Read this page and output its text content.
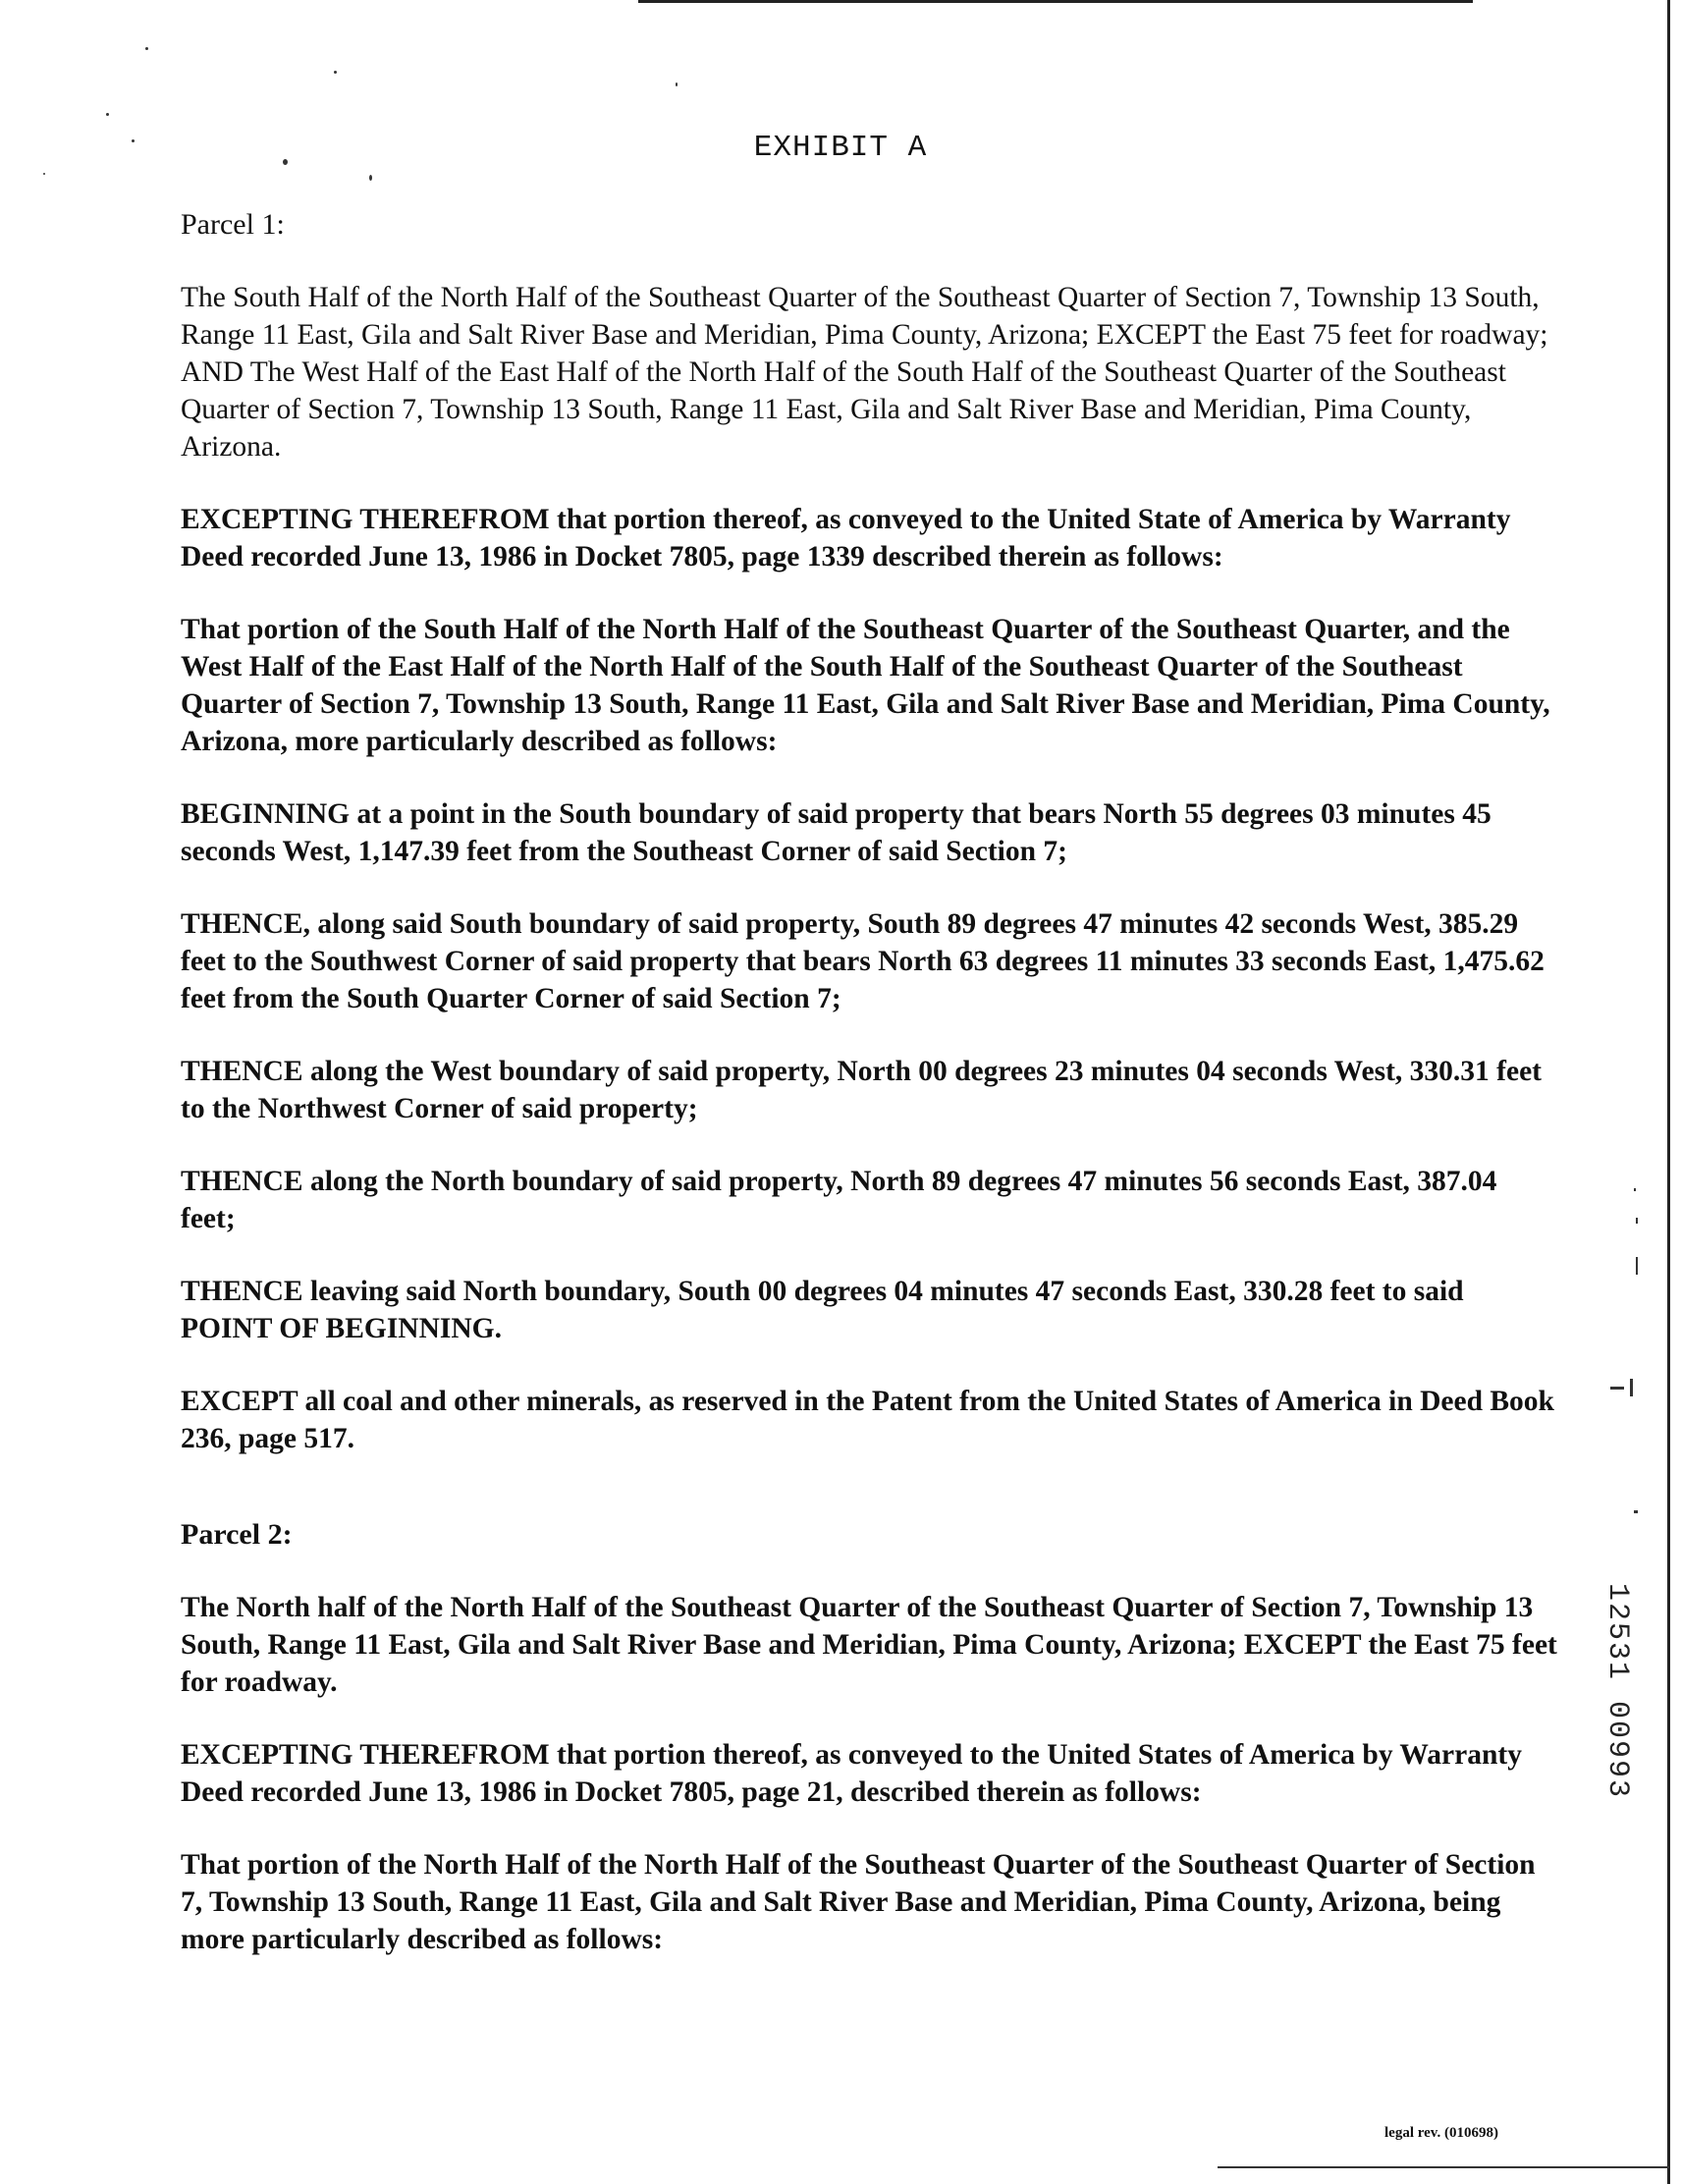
EXHIBIT A
Parcel 1:

The South Half of the North Half of the Southeast Quarter of the Southeast Quarter of Section 7, Township 13 South, Range 11 East, Gila and Salt River Base and Meridian, Pima County, Arizona; EXCEPT the East 75 feet for roadway; AND The West Half of the East Half of the North Half of the South Half of the Southeast Quarter of the Southeast Quarter of Section 7, Township 13 South, Range 11 East, Gila and Salt River Base and Meridian, Pima County, Arizona.

EXCEPTING THEREFROM that portion thereof, as conveyed to the United State of America by Warranty Deed recorded June 13, 1986 in Docket 7805, page 1339 described therein as follows:

That portion of the South Half of the North Half of the Southeast Quarter of the Southeast Quarter, and the West Half of the East Half of the North Half of the South Half of the Southeast Quarter of the Southeast Quarter of Section 7, Township 13 South, Range 11 East, Gila and Salt River Base and Meridian, Pima County, Arizona, more particularly described as follows:

BEGINNING at a point in the South boundary of said property that bears North 55 degrees 03 minutes 45 seconds West, 1,147.39 feet from the Southeast Corner of said Section 7;

THENCE, along said South boundary of said property, South 89 degrees 47 minutes 42 seconds West, 385.29 feet to the Southwest Corner of said property that bears North 63 degrees 11 minutes 33 seconds East, 1,475.62 feet from the South Quarter Corner of said Section 7;

THENCE along the West boundary of said property, North 00 degrees 23 minutes 04 seconds West, 330.31 feet to the Northwest Corner of said property;

THENCE along the North boundary of said property, North 89 degrees 47 minutes 56 seconds East, 387.04 feet;

THENCE leaving said North boundary, South 00 degrees 04 minutes 47 seconds East, 330.28 feet to said POINT OF BEGINNING.

EXCEPT all coal and other minerals, as reserved in the Patent from the United States of America in Deed Book 236, page 517.

Parcel 2:

The North half of the North Half of the Southeast Quarter of the Southeast Quarter of Section 7, Township 13 South, Range 11 East, Gila and Salt River Base and Meridian, Pima County, Arizona; EXCEPT the East 75 feet for roadway.

EXCEPTING THEREFROM that portion thereof, as conveyed to the United States of America by Warranty Deed recorded June 13, 1986 in Docket 7805, page 21, described therein as follows:

That portion of the North Half of the North Half of the Southeast Quarter of the Southeast Quarter of Section 7, Township 13 South, Range 11 East, Gila and Salt River Base and Meridian, Pima County, Arizona, being more particularly described as follows:

12531 00993
legal rev. (010698)
